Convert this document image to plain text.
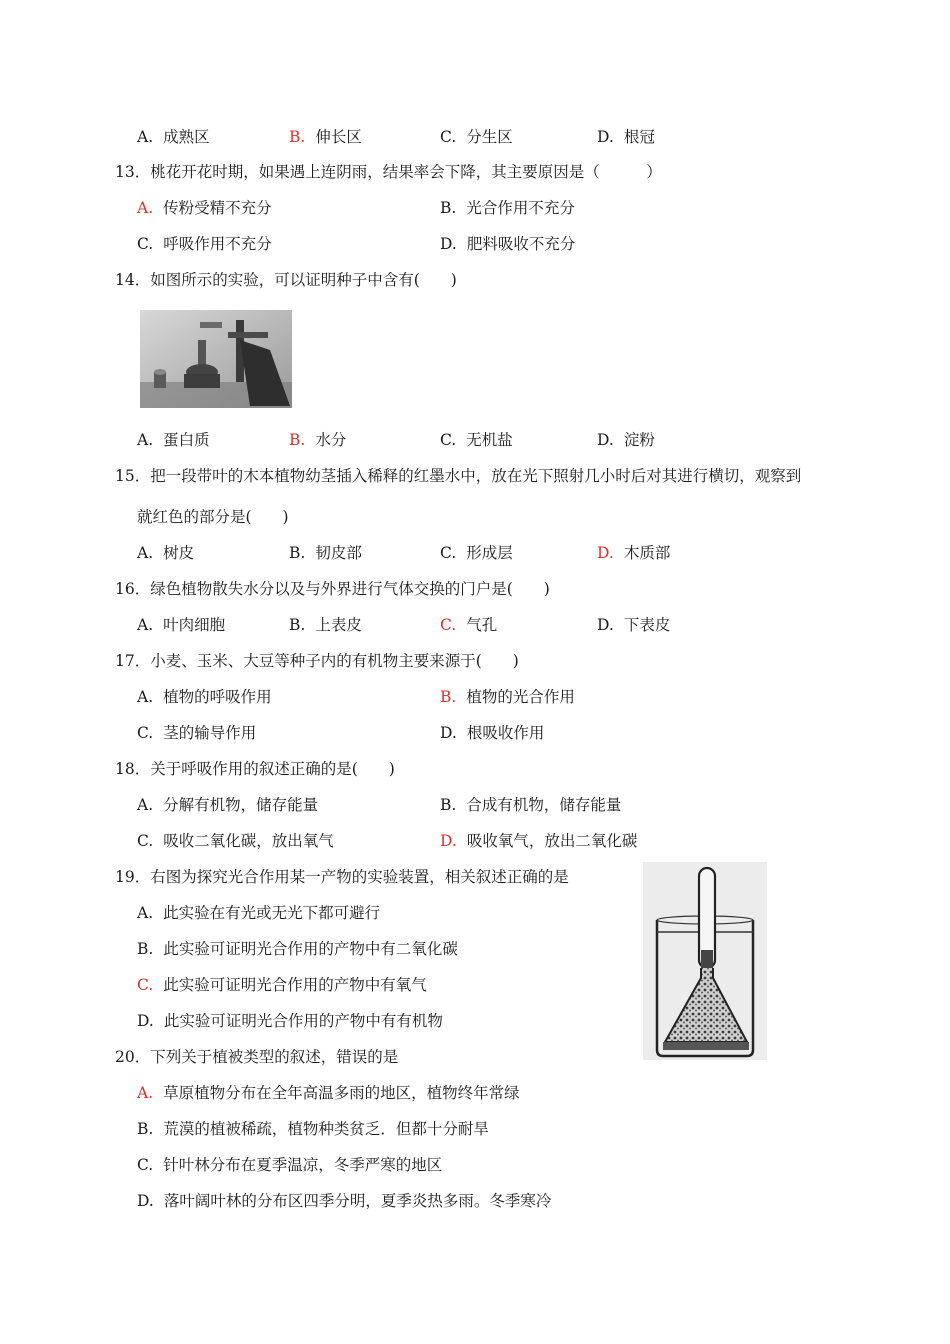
A. 成熟区	B. 伸长区	C. 分生区	D. 根冠
13．桃花开花时期，如果遇上连阴雨，结果率会下降，其主要原因是（　　　）
A. 传粉受精不充分	B. 光合作用不充分
C. 呼吸作用不充分	D. 肥料吸收不充分
14．如图所示的实验，可以证明种子中含有(　　)
A. 蛋白质	B. 水分	C. 无机盐	D. 淀粉
15．把一段带叶的木本植物幼茎插入稀释的红墨水中，放在光下照射几小时后对其进行横切，观察到
就红色的部分是(　　)
A. 树皮	B. 韧皮部	C. 形成层	D. 木质部
16．绿色植物散失水分以及与外界进行气体交换的门户是(　　)
A. 叶肉细胞	B. 上表皮	C. 气孔	D. 下表皮
17．小麦、玉米、大豆等种子内的有机物主要来源于(　　)
A. 植物的呼吸作用	B. 植物的光合作用
C. 茎的输导作用	D. 根吸收作用
18．关于呼吸作用的叙述正确的是(　　)
A. 分解有机物，储存能量	B. 合成有机物，储存能量
C. 吸收二氧化碳，放出氧气	D. 吸收氧气，放出二氧化碳
19．右图为探究光合作用某一产物的实验装置，相关叙述正确的是
A. 此实验在有光或无光下都可避行
B. 此实验可证明光合作用的产物中有二氧化碳
C. 此实验可证明光合作用的产物中有氧气
D. 此实验可证明光合作用的产物中有有机物
20．下列关于植被类型的叙述，错误的是
A. 草原植物分布在全年高温多雨的地区，植物终年常绿
B. 荒漠的植被稀疏，植物种类贫乏．但都十分耐旱
C. 针叶林分布在夏季温凉，冬季严寒的地区
D. 落叶阔叶林的分布区四季分明，夏季炎热多雨。冬季寒冷
